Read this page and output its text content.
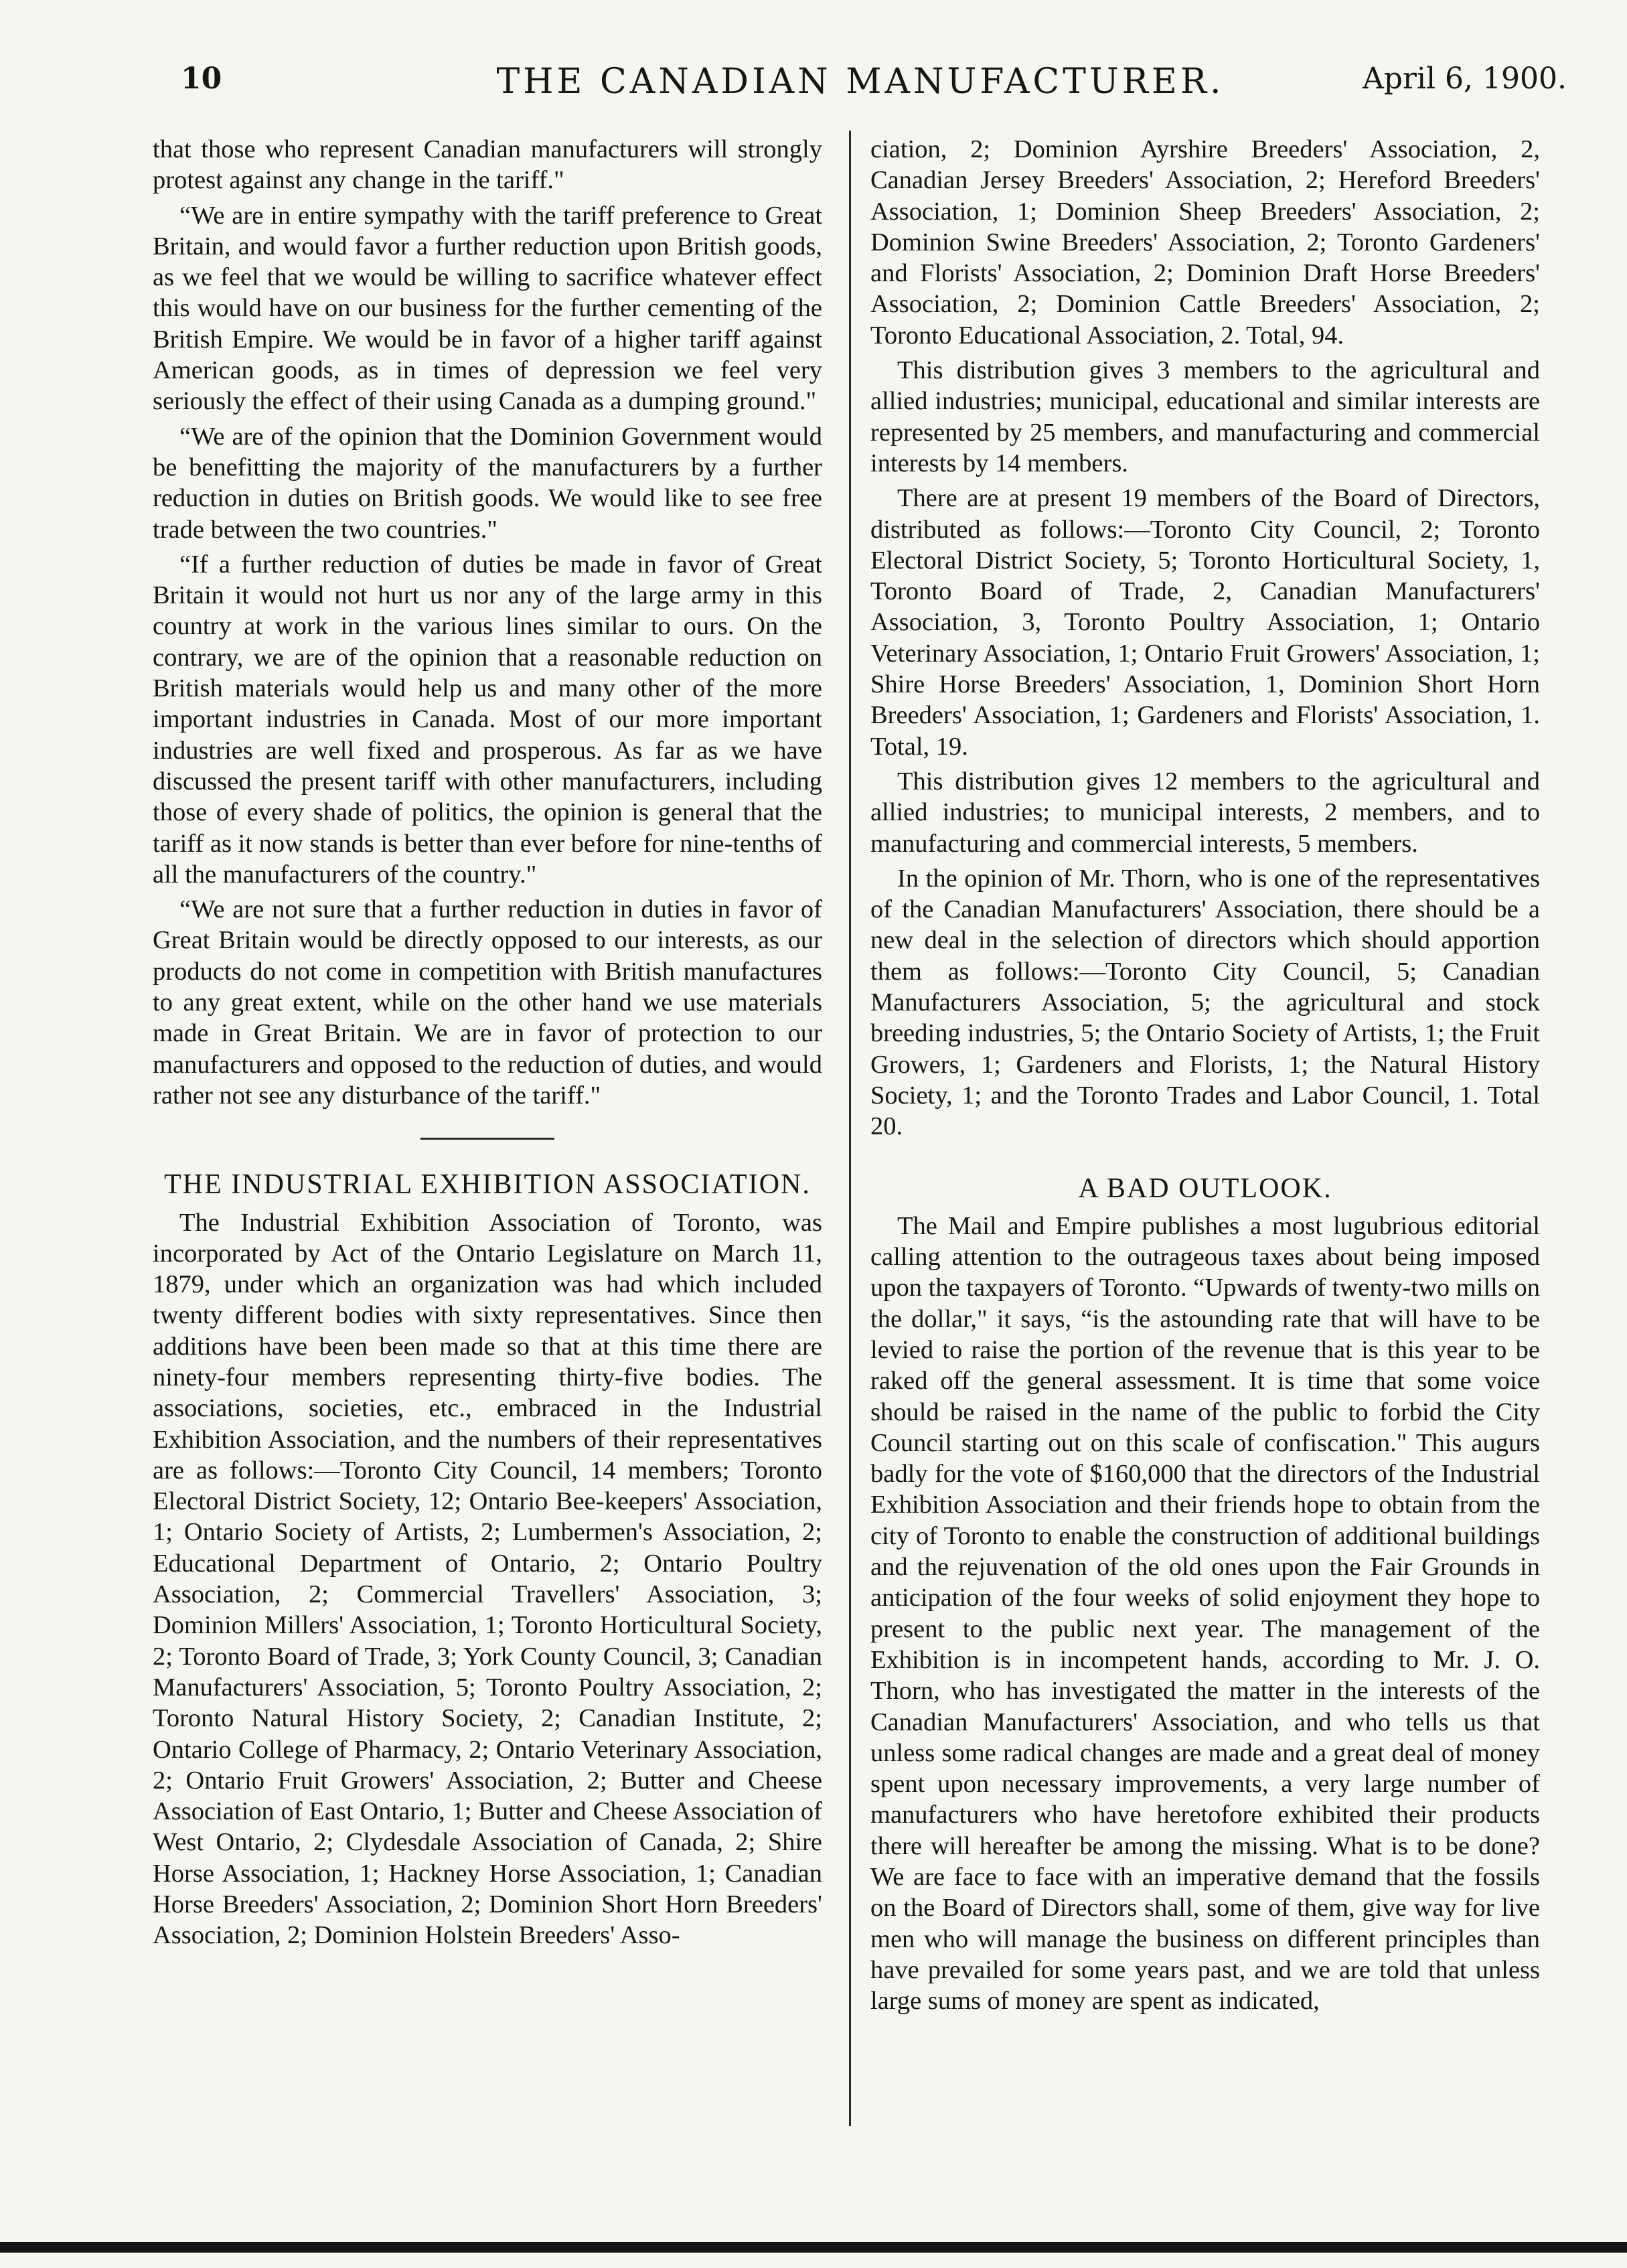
10	THE CANADIAN MANUFACTURER.	April 6, 1900.

that those who represent Canadian manufacturers will strongly protest against any change in the tariff."

“We are in entire sympathy with the tariff preference to Great Britain, and would favor a further reduction upon British goods, as we feel that we would be willing to sacrifice whatever effect this would have on our business for the further cementing of the British Empire. We would be in favor of a higher tariff against American goods, as in times of depression we feel very seriously the effect of their using Canada as a dumping ground."

“We are of the opinion that the Dominion Government would be benefitting the majority of the manufacturers by a further reduction in duties on British goods. We would like to see free trade between the two countries."

“If a further reduction of duties be made in favor of Great Britain it would not hurt us nor any of the large army in this country at work in the various lines similar to ours. On the contrary, we are of the opinion that a reasonable reduction on British materials would help us and many other of the more important industries in Canada. Most of our more important industries are well fixed and prosperous. As far as we have discussed the present tariff with other manufacturers, including those of every shade of politics, the opinion is general that the tariff as it now stands is better than ever before for nine-tenths of all the manufacturers of the country."

“We are not sure that a further reduction in duties in favor of Great Britain would be directly opposed to our interests, as our products do not come in competition with British manufactures to any great extent, while on the other hand we use materials made in Great Britain. We are in favor of protection to our manufacturers and opposed to the reduction of duties, and would rather not see any disturbance of the tariff."

THE INDUSTRIAL EXHIBITION ASSOCIATION.

The Industrial Exhibition Association of Toronto, was incorporated by Act of the Ontario Legislature on March 11, 1879, under which an organization was had which included twenty different bodies with sixty representatives. Since then additions have been been made so that at this time there are ninety-four members representing thirty-five bodies. The associations, societies, etc., embraced in the Industrial Exhibition Association, and the numbers of their representatives are as follows:—Toronto City Council, 14 members; Toronto Electoral District Society, 12; Ontario Bee-keepers' Association, 1; Ontario Society of Artists, 2; Lumbermen's Association, 2; Educational Department of Ontario, 2; Ontario Poultry Association, 2; Commercial Travellers' Association, 3; Dominion Millers' Association, 1; Toronto Horticultural Society, 2; Toronto Board of Trade, 3; York County Council, 3; Canadian Manufacturers' Association, 5; Toronto Poultry Association, 2; Toronto Natural History Society, 2; Canadian Institute, 2; Ontario College of Pharmacy, 2; Ontario Veterinary Association, 2; Ontario Fruit Growers' Association, 2; Butter and Cheese Association of East Ontario, 1; Butter and Cheese Association of West Ontario, 2; Clydesdale Association of Canada, 2; Shire Horse Association, 1; Hackney Horse Association, 1; Canadian Horse Breeders' Association, 2; Dominion Short Horn Breeders' Association, 2; Dominion Holstein Breeders' Asso-

ciation, 2; Dominion Ayrshire Breeders' Association, 2, Canadian Jersey Breeders' Association, 2; Hereford Breeders' Association, 1; Dominion Sheep Breeders' Association, 2; Dominion Swine Breeders' Association, 2; Toronto Gardeners' and Florists' Association, 2; Dominion Draft Horse Breeders' Association, 2; Dominion Cattle Breeders' Association, 2; Toronto Educational Association, 2. Total, 94.

This distribution gives 3 members to the agricultural and allied industries; municipal, educational and similar interests are represented by 25 members, and manufacturing and commercial interests by 14 members.

There are at present 19 members of the Board of Directors, distributed as follows:—Toronto City Council, 2; Toronto Electoral District Society, 5; Toronto Horticultural Society, 1, Toronto Board of Trade, 2, Canadian Manufacturers' Association, 3, Toronto Poultry Association, 1; Ontario Veterinary Association, 1; Ontario Fruit Growers' Association, 1; Shire Horse Breeders' Association, 1, Dominion Short Horn Breeders' Association, 1; Gardeners and Florists' Association, 1. Total, 19.

This distribution gives 12 members to the agricultural and allied industries; to municipal interests, 2 members, and to manufacturing and commercial interests, 5 members.

In the opinion of Mr. Thorn, who is one of the representatives of the Canadian Manufacturers' Association, there should be a new deal in the selection of directors which should apportion them as follows:—Toronto City Council, 5; Canadian Manufacturers Association, 5; the agricultural and stock breeding industries, 5; the Ontario Society of Artists, 1; the Fruit Growers, 1; Gardeners and Florists, 1; the Natural History Society, 1; and the Toronto Trades and Labor Council, 1. Total 20.

A BAD OUTLOOK.

The Mail and Empire publishes a most lugubrious editorial calling attention to the outrageous taxes about being imposed upon the taxpayers of Toronto. “Upwards of twenty-two mills on the dollar," it says, “is the astounding rate that will have to be levied to raise the portion of the revenue that is this year to be raked off the general assessment. It is time that some voice should be raised in the name of the public to forbid the City Council starting out on this scale of confiscation." This augurs badly for the vote of $160,000 that the directors of the Industrial Exhibition Association and their friends hope to obtain from the city of Toronto to enable the construction of additional buildings and the rejuvenation of the old ones upon the Fair Grounds in anticipation of the four weeks of solid enjoyment they hope to present to the public next year. The management of the Exhibition is in incompetent hands, according to Mr. J. O. Thorn, who has investigated the matter in the interests of the Canadian Manufacturers' Association, and who tells us that unless some radical changes are made and a great deal of money spent upon necessary improvements, a very large number of manufacturers who have heretofore exhibited their products there will hereafter be among the missing. What is to be done? We are face to face with an imperative demand that the fossils on the Board of Directors shall, some of them, give way for live men who will manage the business on different principles than have prevailed for some years past, and we are told that unless large sums of money are spent as indicated,
